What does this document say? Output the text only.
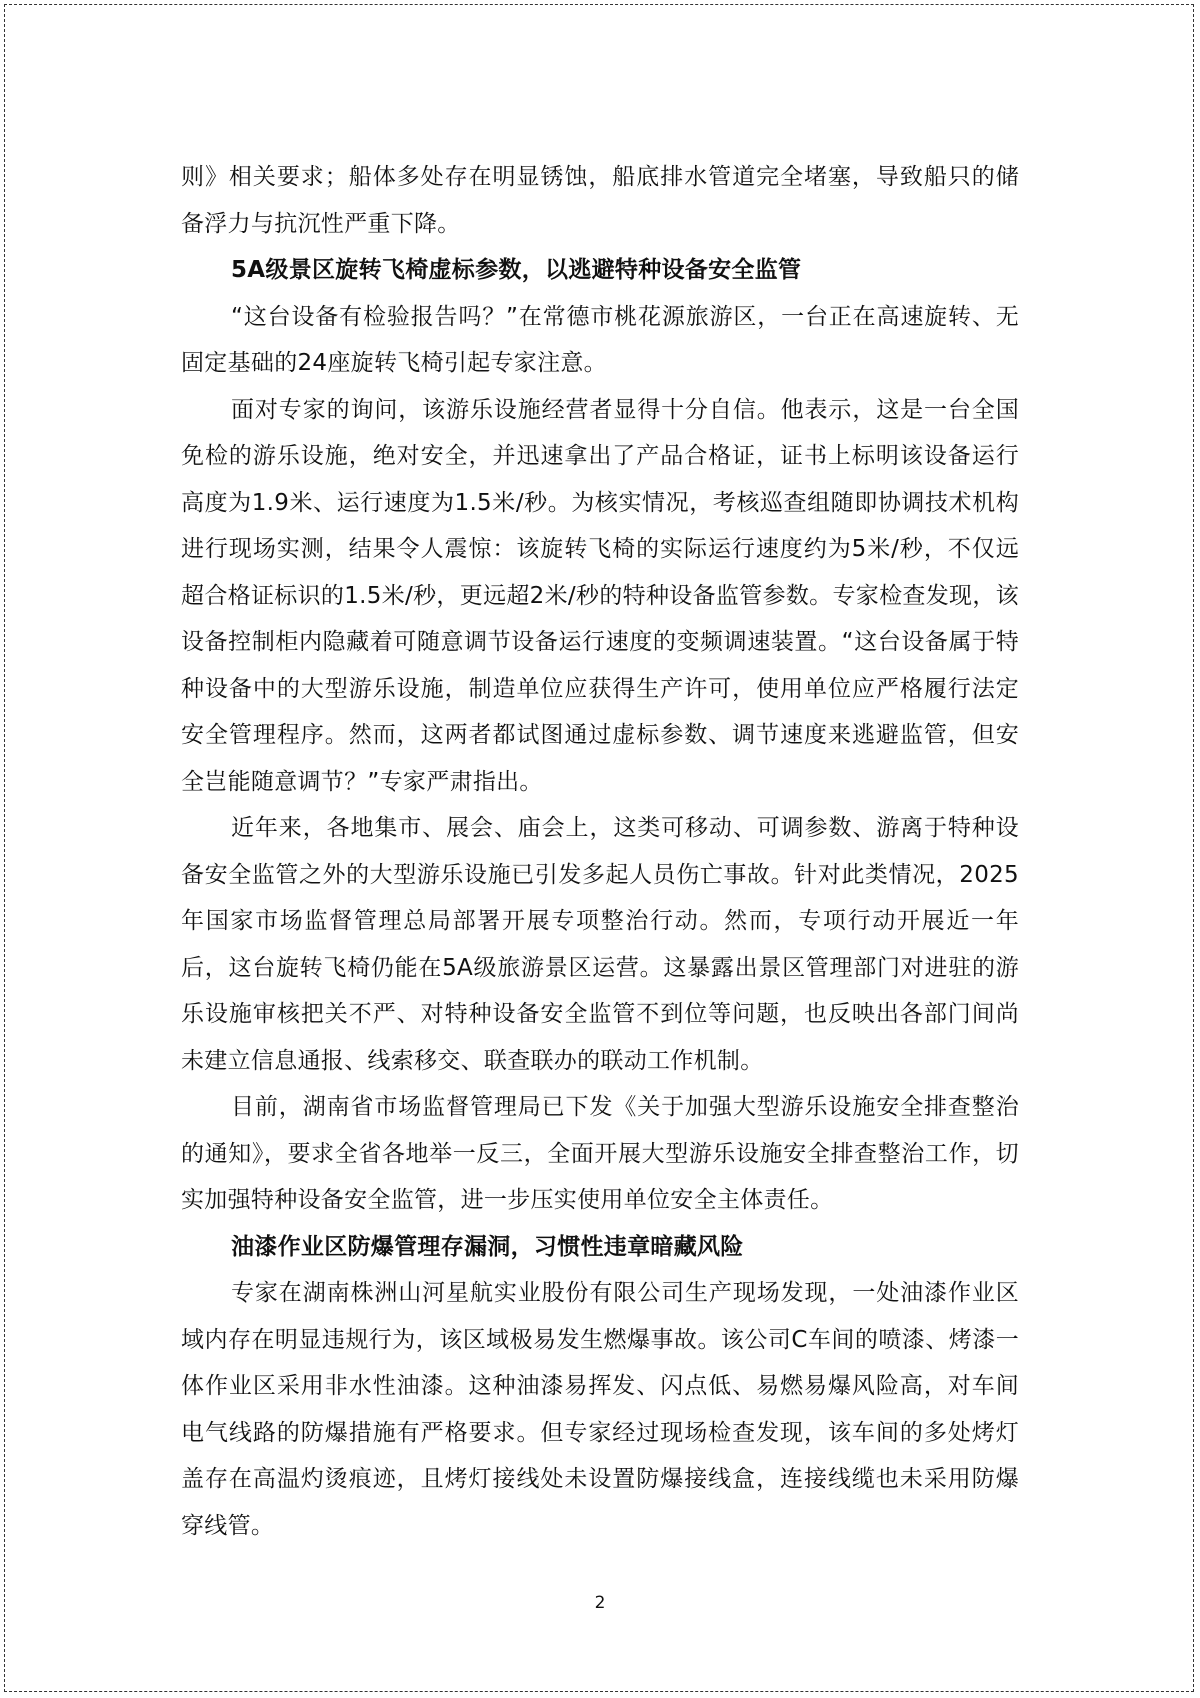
则》相关要求；船体多处存在明显锈蚀，船底排水管道完全堵塞，导致船只的储备浮力与抗沉性严重下降。

5A级景区旋转飞椅虚标参数，以逃避特种设备安全监管

“这台设备有检验报告吗？”在常德市桃花源旅游区，一台正在高速旋转、无固定基础的24座旋转飞椅引起专家注意。

面对专家的询问，该游乐设施经营者显得十分自信。他表示，这是一台全国免检的游乐设施，绝对安全，并迅速拿出了产品合格证，证书上标明该设备运行高度为1.9米、运行速度为1.5米/秒。为核实情况，考核巡查组随即协调技术机构进行现场实测，结果令人震惊：该旋转飞椅的实际运行速度约为5米/秒，不仅远超合格证标识的1.5米/秒，更远超2米/秒的特种设备监管参数。专家检查发现，该设备控制柜内隐藏着可随意调节设备运行速度的变频调速装置。“这台设备属于特种设备中的大型游乐设施，制造单位应获得生产许可，使用单位应严格履行法定安全管理程序。然而，这两者都试图通过虚标参数、调节速度来逃避监管，但安全岂能随意调节？”专家严肃指出。

近年来，各地集市、展会、庙会上，这类可移动、可调参数、游离于特种设备安全监管之外的大型游乐设施已引发多起人员伤亡事故。针对此类情况，2025年国家市场监督管理总局部署开展专项整治行动。然而，专项行动开展近一年后，这台旋转飞椅仍能在5A级旅游景区运营。这暴露出景区管理部门对进驻的游乐设施审核把关不严、对特种设备安全监管不到位等问题，也反映出各部门间尚未建立信息通报、线索移交、联查联办的联动工作机制。

目前，湖南省市场监督管理局已下发《关于加强大型游乐设施安全排查整治的通知》，要求全省各地举一反三，全面开展大型游乐设施安全排查整治工作，切实加强特种设备安全监管，进一步压实使用单位安全主体责任。

油漆作业区防爆管理存漏洞，习惯性违章暗藏风险

专家在湖南株洲山河星航实业股份有限公司生产现场发现，一处油漆作业区域内存在明显违规行为，该区域极易发生燃爆事故。该公司C车间的喷漆、烤漆一体作业区采用非水性油漆。这种油漆易挥发、闪点低、易燃易爆风险高，对车间电气线路的防爆措施有严格要求。但专家经过现场检查发现，该车间的多处烤灯盖存在高温灼烫痕迹，且烤灯接线处未设置防爆接线盒，连接线缆也未采用防爆穿线管。

2
